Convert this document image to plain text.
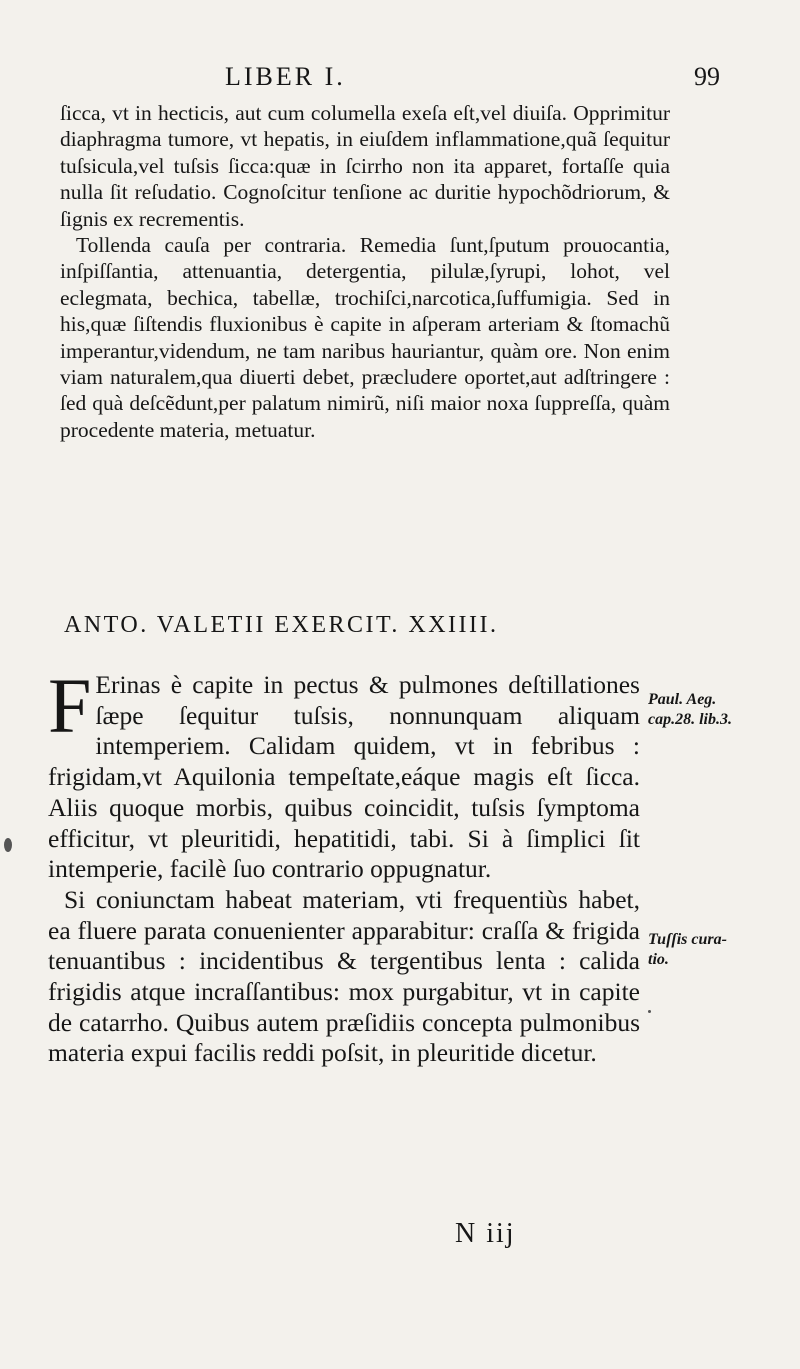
LIBER I.	99

ſicca, vt in hecticis, aut cum columella exeſa eſt,vel diuiſa. Opprimitur diaphragma tumore, vt hepatis, in eiuſdem inflammatione,quã ſequitur tuſsicula,vel tuſsis ſicca:quæ in ſcirrho non ita apparet, fortaſſe quia nulla ſit reſudatio. Cognoſcitur tenſione ac duritie hypochõdriorum, & ſignis ex recrementis.

Tollenda cauſa per contraria. Remedia ſunt,ſputum prouocantia, inſpiſſantia, attenuantia, detergentia, pilulæ,ſyrupi, lohot, vel eclegmata, bechica, tabellæ, trochiſci,narcotica,ſuffumigia. Sed in his,quæ ſiſtendis fluxionibus è capite in aſperam arteriam & ſtomachũ imperantur,videndum, ne tam naribus hauriantur, quàm ore. Non enim viam naturalem,qua diuerti debet, præcludere oportet,aut adſtringere : ſed quà deſcẽdunt,per palatum nimirũ, niſi maior noxa ſuppreſſa, quàm procedente materia, metuatur.

ANTO. VALETII EXERCIT. XXIIII.

F Erinas è capite in pectus & pulmones deſtillationes ſæpe ſequitur tuſsis, nonnunquam aliquam intemperiem. Calidam quidem, vt in febribus : frigidam,vt Aquilonia tempeſtate,eáque magis eſt ſicca. Aliis quoque morbis, quibus coincidit, tuſsis ſymptoma efficitur, vt pleuritidi, hepatitidi, tabi. Si à ſimplici ſit intemperie, facilè ſuo contrario oppugnatur.

Si coniunctam habeat materiam, vti frequentiùs habet, ea fluere parata conuenienter apparabitur: craſſa & frigida tenuantibus : incidentibus & tergentibus lenta : calida frigidis atque incraſſantibus: mox purgabitur, vt in capite de catarrho. Quibus autem præſidiis concepta pulmonibus materia expui facilis reddi poſsit, in pleuritide dicetur.

N iij
Paul. Aeg.
cap.28. lib.3.
Tuſſis cura-
tio.
